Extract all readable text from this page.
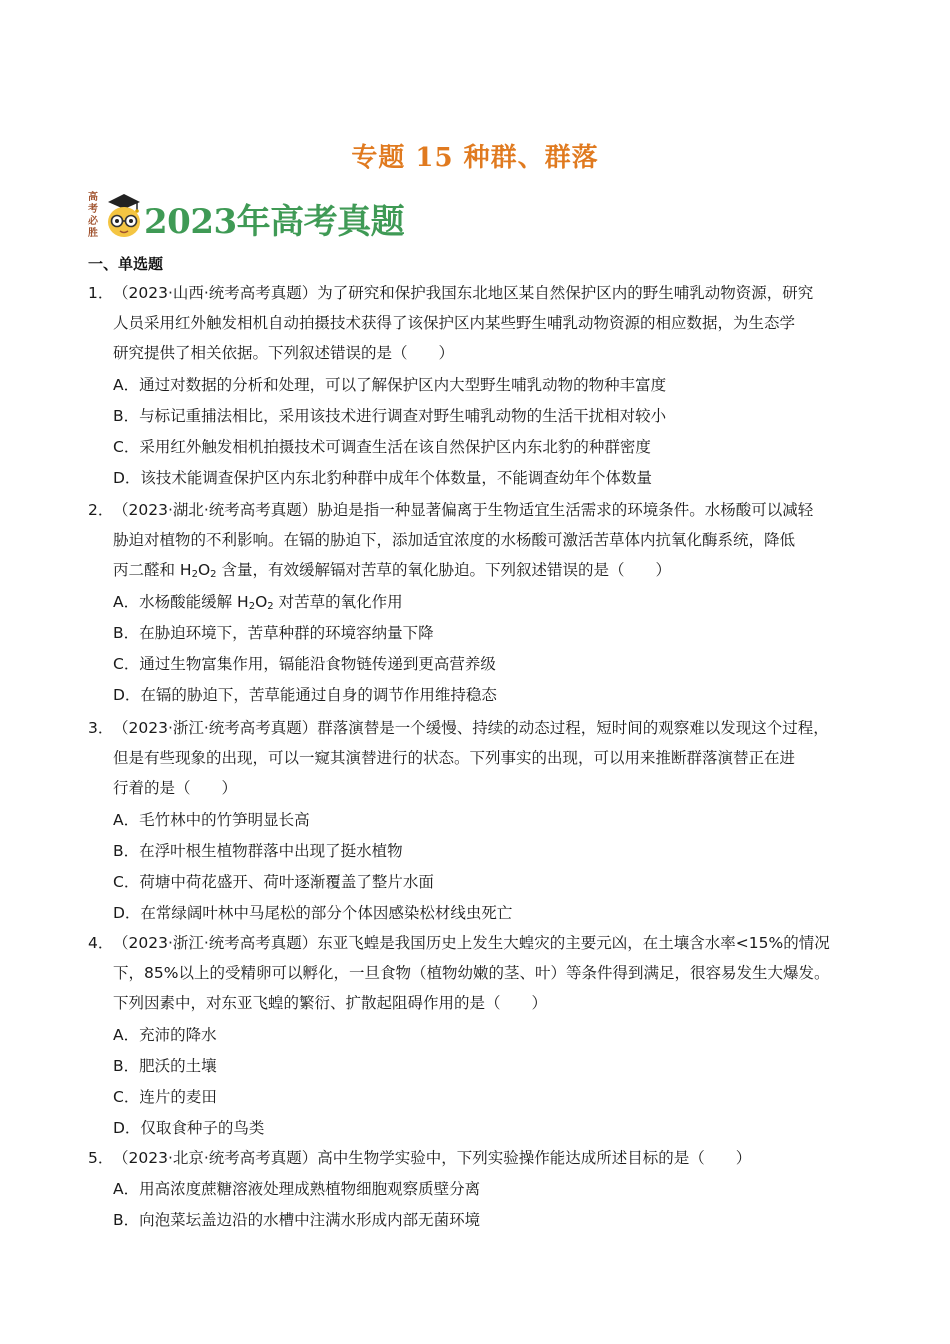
专题 15 种群、群落
高
考
必
胜 2023年高考真题
一、单选题
1． （2023·山西·统考高考真题）为了研究和保护我国东北地区某自然保护区内的野生哺乳动物资源，研究
人员采用红外触发相机自动拍摄技术获得了该保护区内某些野生哺乳动物资源的相应数据，为生态学
研究提供了相关依据。下列叙述错误的是（　　）
A．通过对数据的分析和处理，可以了解保护区内大型野生哺乳动物的物种丰富度
B．与标记重捕法相比，采用该技术进行调查对野生哺乳动物的生活干扰相对较小
C．采用红外触发相机拍摄技术可调查生活在该自然保护区内东北豹的种群密度
D．该技术能调查保护区内东北豹种群中成年个体数量，不能调查幼年个体数量
2． （2023·湖北·统考高考真题）胁迫是指一种显著偏离于生物适宜生活需求的环境条件。水杨酸可以减轻
胁迫对植物的不利影响。在镉的胁迫下，添加适宜浓度的水杨酸可激活苦草体内抗氧化酶系统，降低
丙二醛和 $H_2O_2$ 含量，有效缓解镉对苦草的氧化胁迫。下列叙述错误的是（　　）
A．水杨酸能缓解 $H_2O_2$ 对苦草的氧化作用
B．在胁迫环境下，苦草种群的环境容纳量下降
C．通过生物富集作用，镉能沿食物链传递到更高营养级
D．在镉的胁迫下，苦草能通过自身的调节作用维持稳态
3． （2023·浙江·统考高考真题）群落演替是一个缓慢、持续的动态过程，短时间的观察难以发现这个过程，
但是有些现象的出现，可以一窥其演替进行的状态。下列事实的出现，可以用来推断群落演替正在进
行着的是（　　）
A．毛竹林中的竹笋明显长高
B．在浮叶根生植物群落中出现了挺水植物
C．荷塘中荷花盛开、荷叶逐渐覆盖了整片水面
D．在常绿阔叶林中马尾松的部分个体因感染松材线虫死亡
4． （2023·浙江·统考高考真题）东亚飞蝗是我国历史上发生大蝗灾的主要元凶，在土壤含水率<15%的情况
下，85%以上的受精卵可以孵化，一旦食物（植物幼嫩的茎、叶）等条件得到满足，很容易发生大爆发。
下列因素中，对东亚飞蝗的繁衍、扩散起阻碍作用的是（　　）
A．充沛的降水
B．肥沃的土壤
C．连片的麦田
D．仅取食种子的鸟类
5． （2023·北京·统考高考真题）高中生物学实验中，下列实验操作能达成所述目标的是（　　）
A．用高浓度蔗糖溶液处理成熟植物细胞观察质壁分离
B．向泡菜坛盖边沿的水槽中注满水形成内部无菌环境
